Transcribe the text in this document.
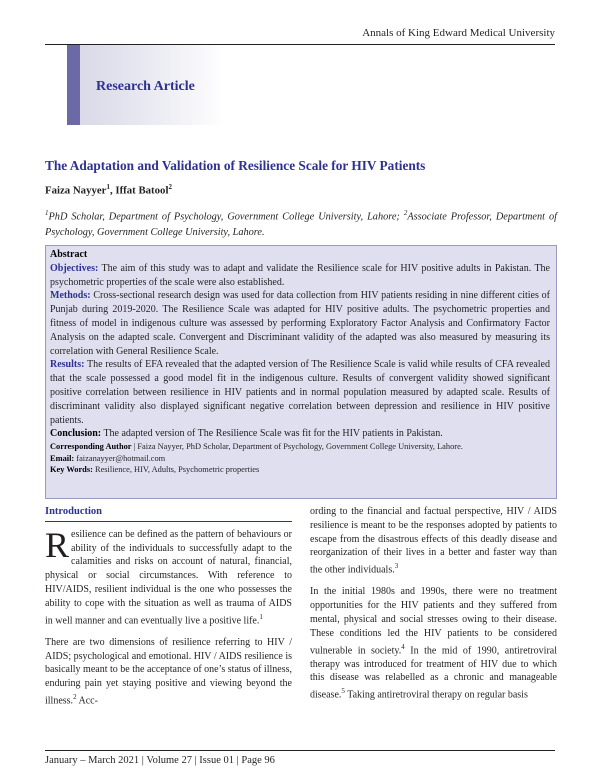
Annals of King Edward Medical University
Research Article
The Adaptation and Validation of Resilience Scale for HIV Patients
Faiza Nayyer$^1$, Iffat Batool$^2$
$^1$PhD Scholar, Department of Psychology, Government College University, Lahore; $^2$Associate Professor, Department of Psychology, Government College University, Lahore.

Abstract

Objectives: The aim of this study was to adapt and validate the Resilience scale for HIV positive adults in Pakistan. The psychometric properties of the scale were also established.

Methods: Cross-sectional research design was used for data collection from HIV patients residing in nine different cities of Punjab during 2019-2020. The Resilience Scale was adapted for HIV positive adults. The psychometric properties and fitness of model in indigenous culture was assessed by performing Exploratory Factor Analysis and Confirmatory Factor Analysis on the adapted scale. Convergent and Discriminant validity of the adapted was also measured by measuring its correlation with General Resilience Scale.

Results: The results of EFA revealed that the adapted version of The Resilience Scale is valid while results of CFA revealed that the scale possessed a good model fit in the indigenous culture. Results of convergent validity showed significant positive correlation between resilience in HIV patients and in normal population measured by adapted scale. Results of discriminant validity also displayed significant negative correlation between depression and resilience in HIV positive patients.

Conclusion: The adapted version of The Resilience Scale was fit for the HIV patients in Pakistan.

Corresponding Author | Faiza Nayyer, PhD Scholar, Department of Psychology, Government College University, Lahore.

Email: faizanayyer@hotmail.com

Key Words: Resilience, HIV, Adults, Psychometric properties

Introduction

Resilience can be defined as the pattern of behaviours or ability of the individuals to successfully adapt to the calamities and risks on account of natural, financial, physical or social circumstances. With reference to HIV/AIDS, resilient individual is the one who possesses the ability to cope with the situation as well as trauma of AIDS in well manner and can eventually live a positive life.$^1$

There are two dimensions of resilience referring to HIV / AIDS; psychological and emotional. HIV / AIDS resilience is basically meant to be the acceptance of one’s status of illness, enduring pain yet staying positive and viewing beyond the illness.$^2$ Acc-

ording to the financial and factual perspective, HIV / AIDS resilience is meant to be the responses adopted by patients to escape from the disastrous effects of this deadly disease and reorganization of their lives in a better and faster way than the other individuals.$^3$

In the initial 1980s and 1990s, there were no treatment opportunities for the HIV patients and they suffered from mental, physical and social stresses owing to their disease. These conditions led the HIV patients to be considered vulnerable in society.$^4$ In the mid of 1990, antiretroviral therapy was introduced for treatment of HIV due to which this disease was relabelled as a chronic and manageable disease.$^5$ Taking antiretroviral therapy on regular basis

January – March 2021 | Volume 27 | Issue 01 | Page 96
